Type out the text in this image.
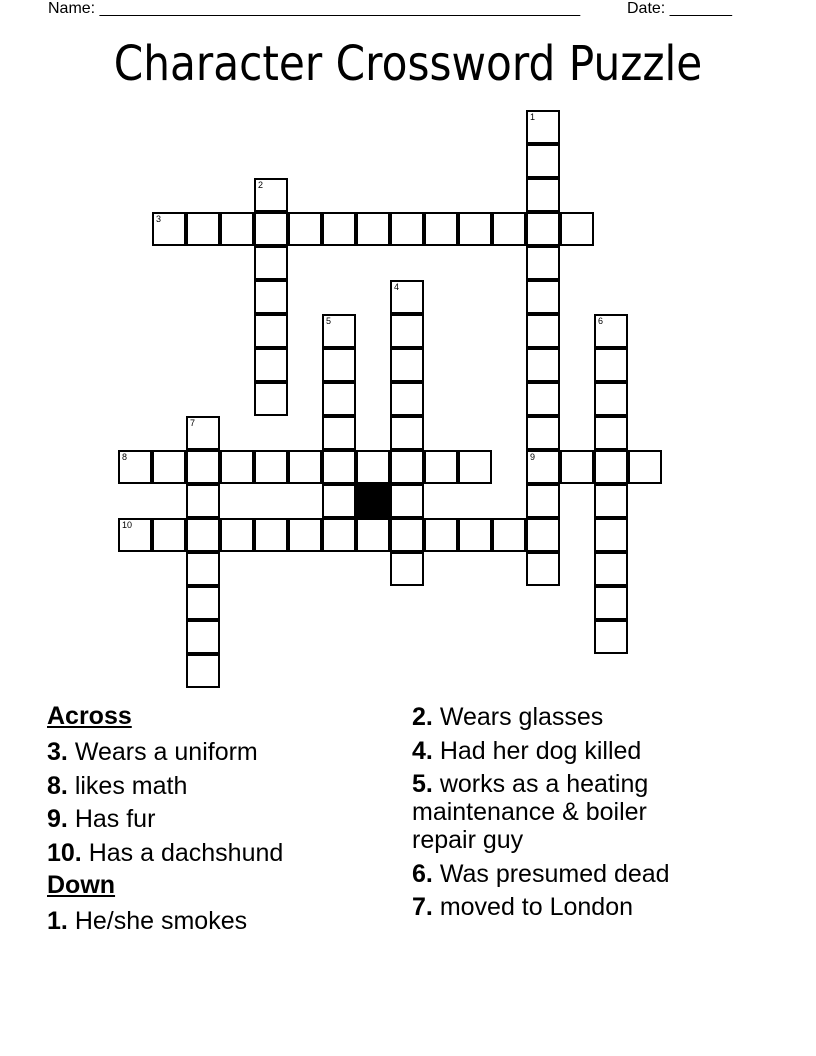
Name: ______________________________________________________	Date: _______
Character Crossword Puzzle
1
9
2
3
4
5	6
7
8
10
Across
3. Wears a uniform
8. likes math
9. Has fur
10. Has a dachshund
Down
1. He/she smokes
2. Wears glasses
4. Had her dog killed
5. works as a heating maintenance & boiler repair guy
6. Was presumed dead
7. moved to London
